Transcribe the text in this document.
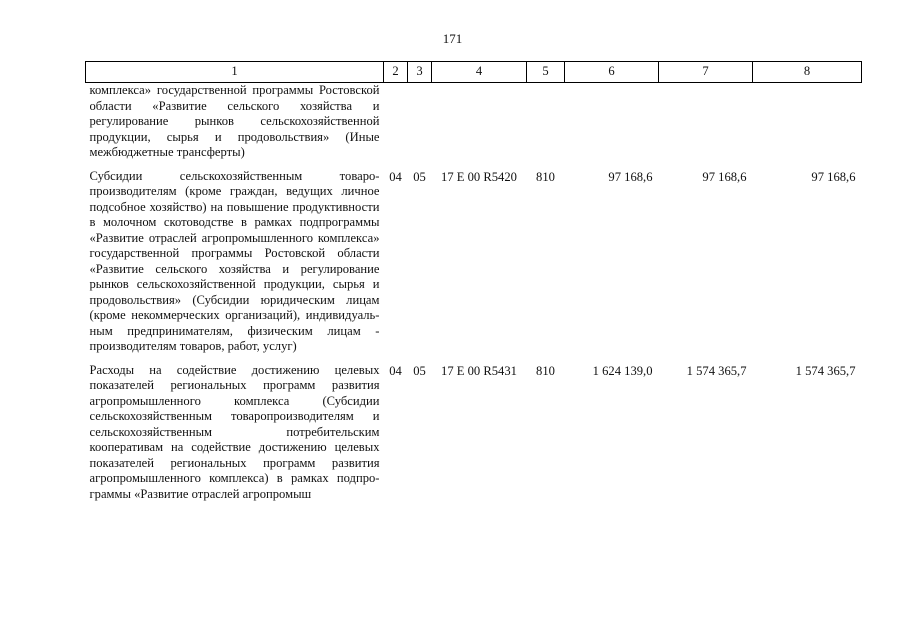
171
1	2	3	4	5	6	7	8
комплекса» государственной программы Ростовской области «Развитие сельского хозяйства и регулирование рынков сельскохозяйственной продукции, сырья и продовольствия» (Иные межбюджетные трансферты)							
Субсидии сельскохозяйственным товаропроизводителям (кроме граждан, ведущих личное подсобное хозяйство) на повышение продуктивности в молочном скотоводстве в рамках подпрограммы «Развитие отраслей агропромышленного комплекса» государственной программы Ростовской области «Развитие сельского хозяйства и регулирование рынков сельскохозяйственной продукции, сырья и продовольствия» (Субсидии юридическим лицам (кроме некоммерческих организаций), индивидуальным предпринимателям, физическим лицам - производителям товаров, работ, услуг)	04	05	17 Е 00 R5420	810	97 168,6	97 168,6	97 168,6
Расходы на содействие достижению целевых показателей региональных программ развития агропромышленного комплекса (Субсидии сельскохозяйственным товаропроизводителям и сельскохозяйственным потребительским кооперативам на содействие достижению целевых показателей региональных программ развития агропромышленного комплекса) в рамках подпрограммы «Развитие отраслей агропромыш	04	05	17 Е 00 R5431	810	1 624 139,0	1 574 365,7	1 574 365,7
